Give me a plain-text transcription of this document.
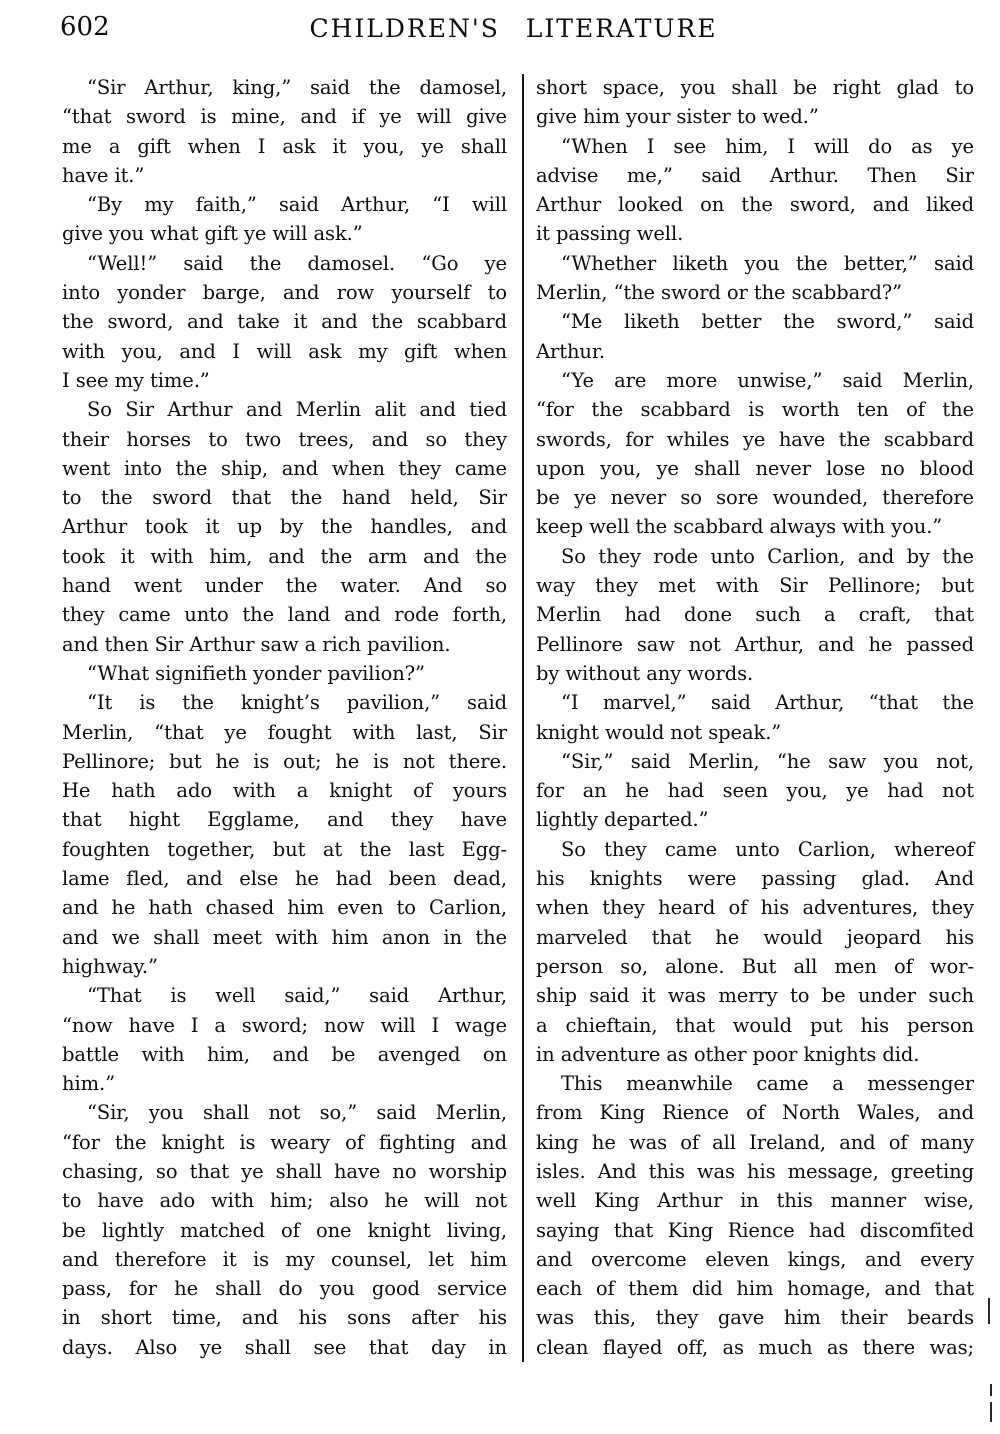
602	CHILDREN'S LITERATURE
“Sir Arthur, king,” said the damosel,
“that sword is mine, and if ye will give
me a gift when I ask it you, ye shall
have it.”
“By my faith,” said Arthur, “I will
give you what gift ye will ask.”
“Well!” said the damosel. “Go ye
into yonder barge, and row yourself to
the sword, and take it and the scabbard
with you, and I will ask my gift when
I see my time.”
So Sir Arthur and Merlin alit and tied
their horses to two trees, and so they
went into the ship, and when they came
to the sword that the hand held, Sir
Arthur took it up by the handles, and
took it with him, and the arm and the
hand went under the water. And so
they came unto the land and rode forth,
and then Sir Arthur saw a rich pavilion.
“What signifieth yonder pavilion?”
“It is the knight’s pavilion,” said
Merlin, “that ye fought with last, Sir
Pellinore; but he is out; he is not there.
He hath ado with a knight of yours
that hight Egglame, and they have
foughten together, but at the last Egg-
lame fled, and else he had been dead,
and he hath chased him even to Carlion,
and we shall meet with him anon in the
highway.”
“That is well said,” said Arthur,
“now have I a sword; now will I wage
battle with him, and be avenged on
him.”
“Sir, you shall not so,” said Merlin,
“for the knight is weary of fighting and
chasing, so that ye shall have no worship
to have ado with him; also he will not
be lightly matched of one knight living,
and therefore it is my counsel, let him
pass, for he shall do you good service
in short time, and his sons after his
days. Also ye shall see that day in
short space, you shall be right glad to
give him your sister to wed.”
“When I see him, I will do as ye
advise me,” said Arthur. Then Sir
Arthur looked on the sword, and liked
it passing well.
“Whether liketh you the better,” said
Merlin, “the sword or the scabbard?”
“Me liketh better the sword,” said
Arthur.
“Ye are more unwise,” said Merlin,
“for the scabbard is worth ten of the
swords, for whiles ye have the scabbard
upon you, ye shall never lose no blood
be ye never so sore wounded, therefore
keep well the scabbard always with you.”
So they rode unto Carlion, and by the
way they met with Sir Pellinore; but
Merlin had done such a craft, that
Pellinore saw not Arthur, and he passed
by without any words.
“I marvel,” said Arthur, “that the
knight would not speak.”
“Sir,” said Merlin, “he saw you not,
for an he had seen you, ye had not
lightly departed.”
So they came unto Carlion, whereof
his knights were passing glad. And
when they heard of his adventures, they
marveled that he would jeopard his
person so, alone. But all men of wor-
ship said it was merry to be under such
a chieftain, that would put his person
in adventure as other poor knights did.
This meanwhile came a messenger
from King Rience of North Wales, and
king he was of all Ireland, and of many
isles. And this was his message, greeting
well King Arthur in this manner wise,
saying that King Rience had discomfited
and overcome eleven kings, and every
each of them did him homage, and that
was this, they gave him their beards
clean flayed off, as much as there was;
